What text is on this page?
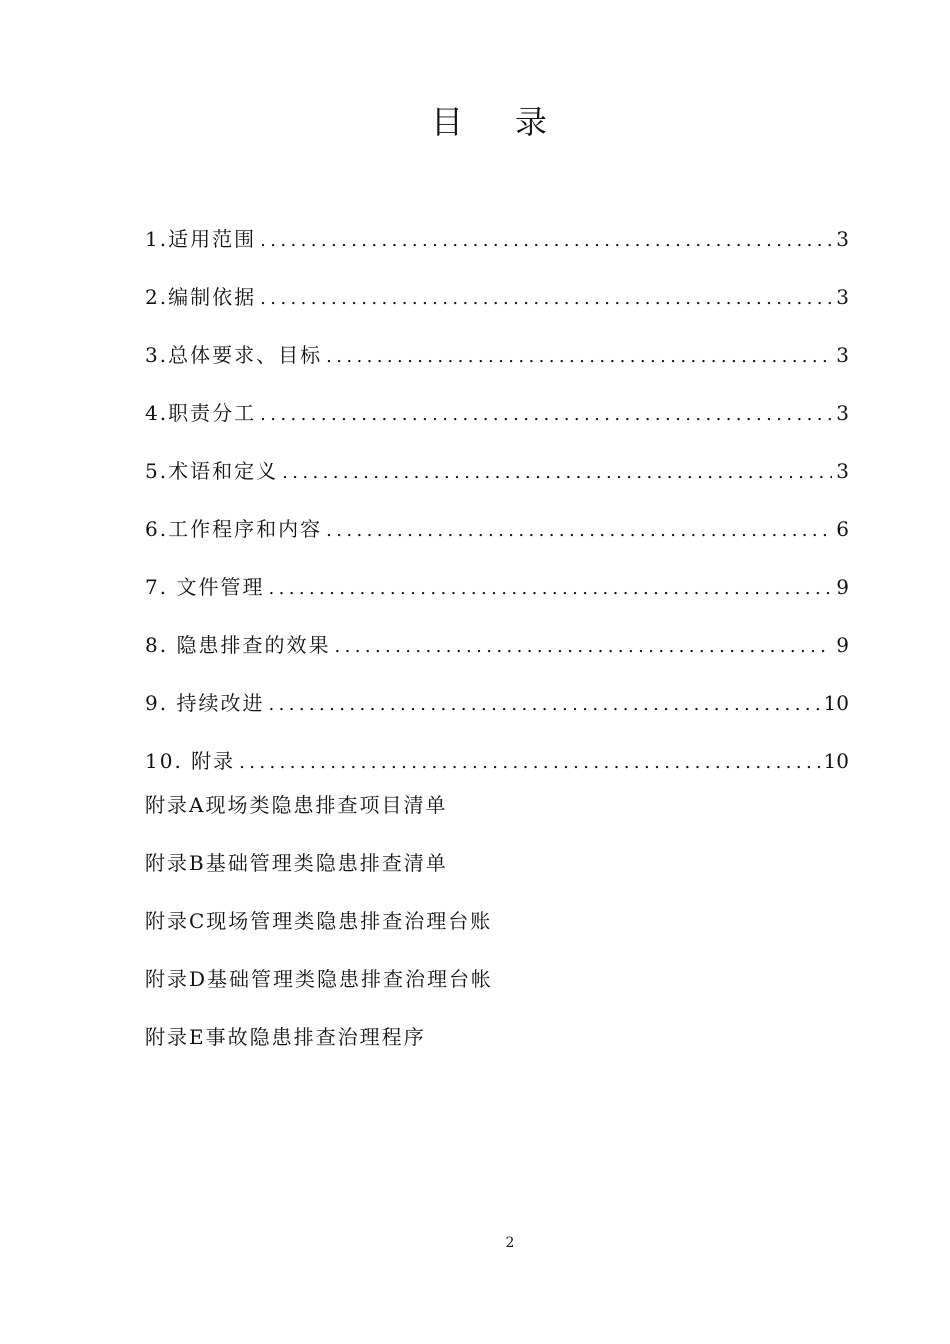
目录
1.适用范围 .....	3
2.编制依据 .....	3
3.总体要求、目标 .....	3
4.职责分工 .....	3
5.术语和定义 .....	3
6.工作程序和内容 .....	6
7. 文件管理 .....	9
8. 隐患排查的效果 .....	9
9. 持续改进 .....	10
10. 附录 .....	10
附录A现场类隐患排查项目清单
附录B基础管理类隐患排查清单
附录C现场管理类隐患排查治理台账
附录D基础管理类隐患排查治理台帐
附录E事故隐患排查治理程序
2
